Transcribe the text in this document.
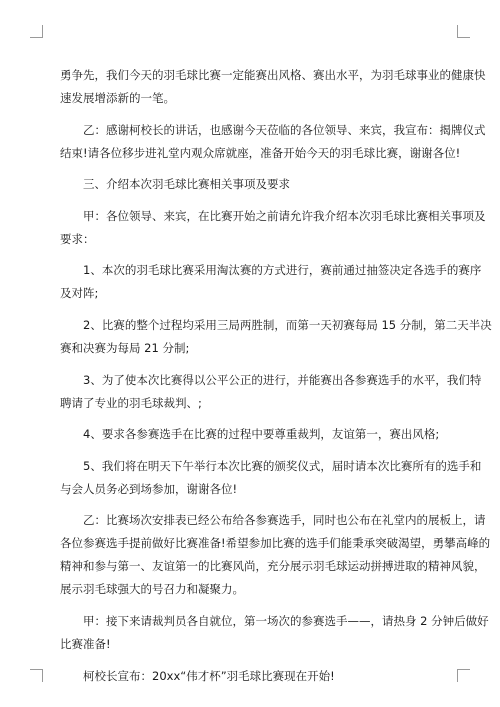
勇争先，我们今天的羽毛球比赛一定能赛出风格、赛出水平，为羽毛球事业的健康快
速发展增添新的一笔。
乙：感谢柯校长的讲话，也感谢今天莅临的各位领导、来宾，我宣布：揭牌仪式
结束!请各位移步进礼堂内观众席就座，准备开始今天的羽毛球比赛，谢谢各位!
三、介绍本次羽毛球比赛相关事项及要求
甲：各位领导、来宾，在比赛开始之前请允许我介绍本次羽毛球比赛相关事项及
要求：
1、本次的羽毛球比赛采用淘汰赛的方式进行，赛前通过抽签决定各选手的赛序
及对阵;
2、比赛的整个过程均采用三局两胜制，而第一天初赛每局 15 分制，第二天半决
赛和决赛为每局 21 分制;
3、为了使本次比赛得以公平公正的进行，并能赛出各参赛选手的水平，我们特
聘请了专业的羽毛球裁判、;
4、要求各参赛选手在比赛的过程中要尊重裁判，友谊第一，赛出风格;
5、我们将在明天下午举行本次比赛的颁奖仪式，届时请本次比赛所有的选手和
与会人员务必到场参加，谢谢各位!
乙：比赛场次安排表已经公布给各参赛选手，同时也公布在礼堂内的展板上，请
各位参赛选手提前做好比赛准备!希望参加比赛的选手们能秉承突破渴望，勇攀高峰的
精神和参与第一、友谊第一的比赛风尚，充分展示羽毛球运动拼搏进取的精神风貌，
展示羽毛球强大的号召力和凝聚力。
甲：接下来请裁判员各自就位，第一场次的参赛选手——，请热身 2 分钟后做好
比赛准备!
柯校长宣布：20xx“伟才杯”羽毛球比赛现在开始!
